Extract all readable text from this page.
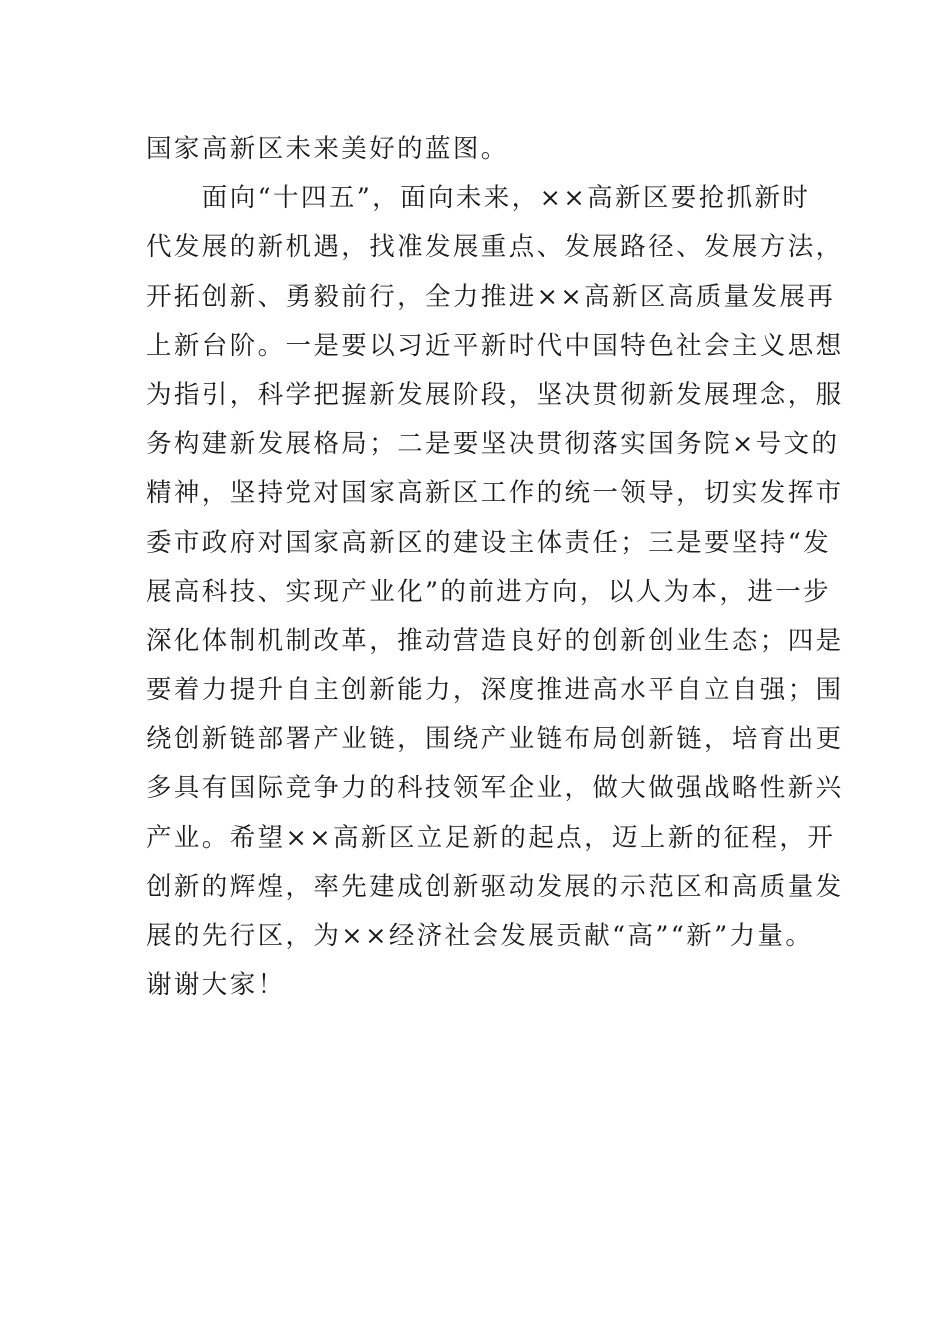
国家高新区未来美好的蓝图。
　　面向“十四五”，面向未来，××高新区要抢抓新时
代发展的新机遇，找准发展重点、发展路径、发展方法，
开拓创新、勇毅前行，全力推进××高新区高质量发展再
上新台阶。一是要以习近平新时代中国特色社会主义思想
为指引，科学把握新发展阶段，坚决贯彻新发展理念，服
务构建新发展格局；二是要坚决贯彻落实国务院×号文的
精神，坚持党对国家高新区工作的统一领导，切实发挥市
委市政府对国家高新区的建设主体责任；三是要坚持“发
展高科技、实现产业化”的前进方向，以人为本，进一步
深化体制机制改革，推动营造良好的创新创业生态；四是
要着力提升自主创新能力，深度推进高水平自立自强；围
绕创新链部署产业链，围绕产业链布局创新链，培育出更
多具有国际竞争力的科技领军企业，做大做强战略性新兴
产业。希望××高新区立足新的起点，迈上新的征程，开
创新的辉煌，率先建成创新驱动发展的示范区和高质量发
展的先行区，为××经济社会发展贡献“高”“新”力量。
谢谢大家！
